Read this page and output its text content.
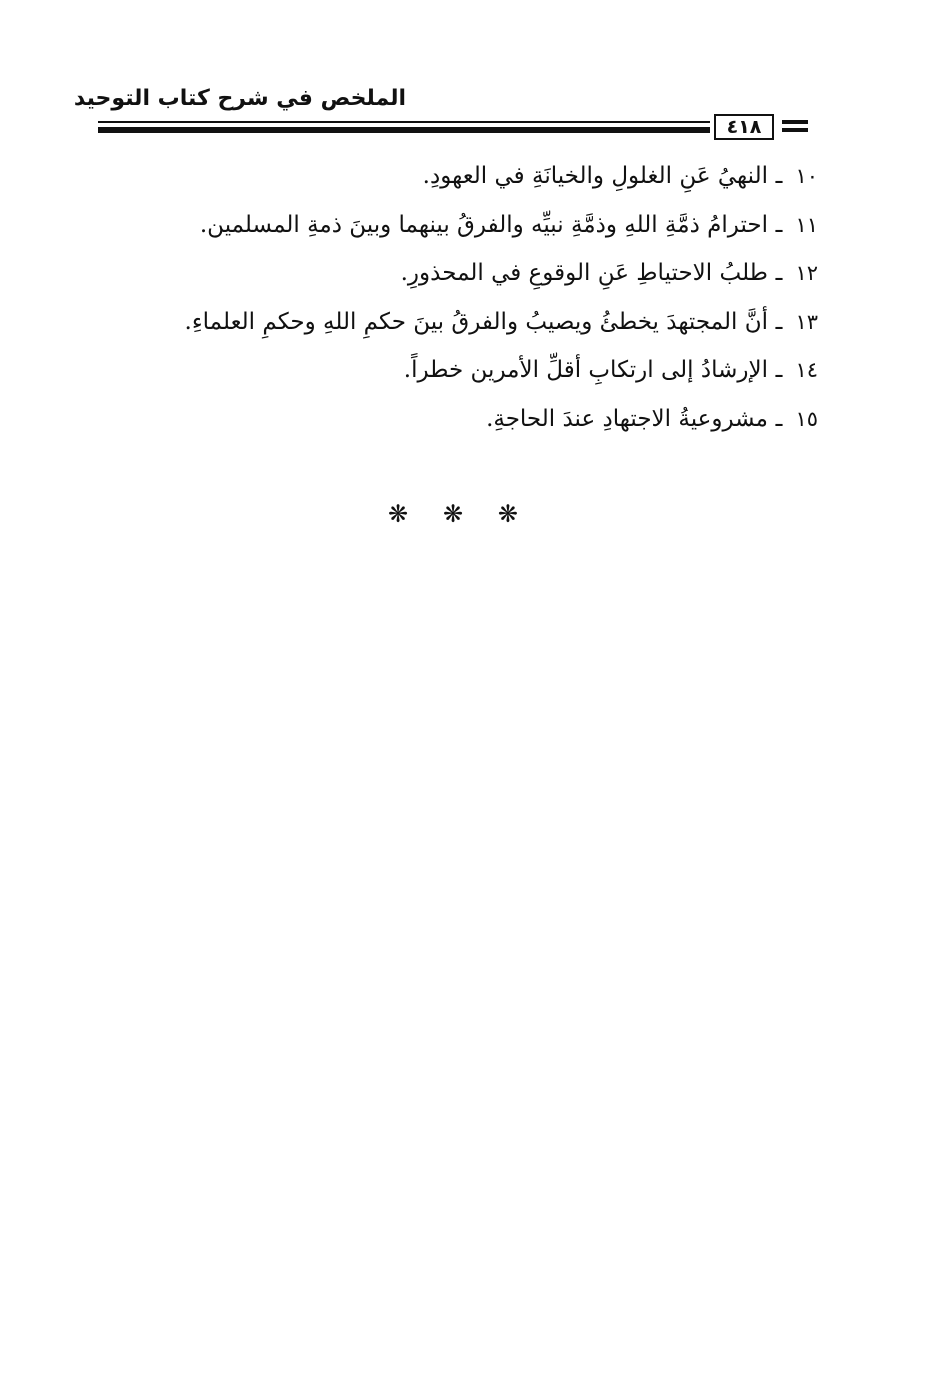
الملخص في شرح كتاب التوحيد
٤١٨
١٠
ـ
النهيُ عَنِ الغلولِ والخيانَةِ في العهودِ.
١١
ـ
احترامُ ذمَّةِ اللهِ وذمَّةِ نبيِّه والفرقُ بينهما وبينَ ذمةِ المسلمين.
١٢
ـ
طلبُ الاحتياطِ عَنِ الوقوعِ في المحذورِ.
١٣
ـ
أنَّ المجتهدَ يخطئُ ويصيبُ والفرقُ بينَ حكمِ اللهِ وحكمِ العلماءِ.
١٤
ـ
الإرشادُ إلى ارتكابِ أقلِّ الأمرين خطراً.
١٥
ـ
مشروعيةُ الاجتهادِ عندَ الحاجةِ.
❋ ❋ ❋
